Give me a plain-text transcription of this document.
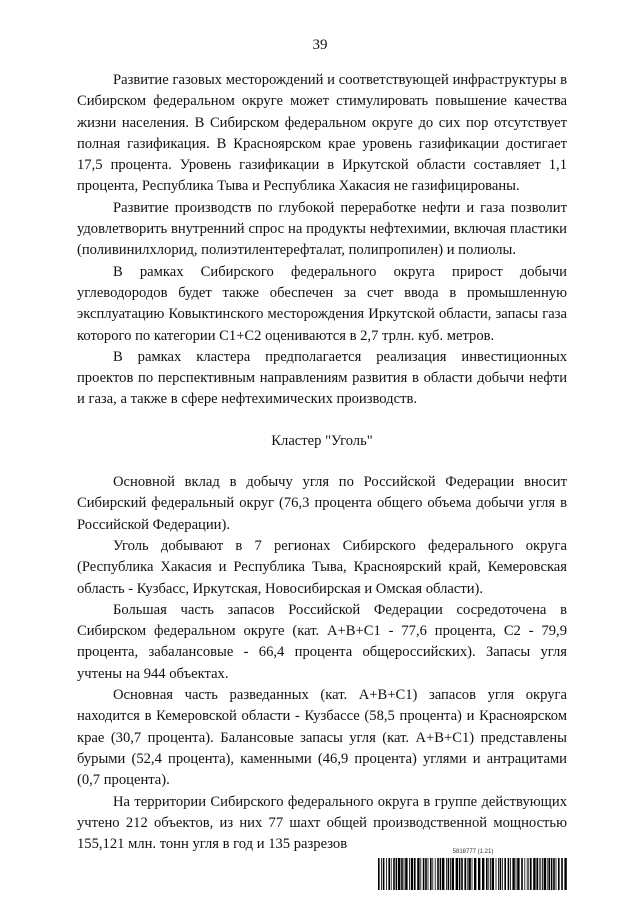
39

Развитие газовых месторождений и соответствующей инфраструктуры в Сибирском федеральном округе может стимулировать повышение качества жизни населения. В Сибирском федеральном округе до сих пор отсутствует полная газификация. В Красноярском крае уровень газификации достигает 17,5 процента. Уровень газификации в Иркутской области составляет 1,1 процента, Республика Тыва и Республика Хакасия не газифицированы.

Развитие производств по глубокой переработке нефти и газа позволит удовлетворить внутренний спрос на продукты нефтехимии, включая пластики (поливинилхлорид, полиэтилентерефталат, полипропилен) и полиолы.

В рамках Сибирского федерального округа прирост добычи углеводородов будет также обеспечен за счет ввода в промышленную эксплуатацию Ковыктинского месторождения Иркутской области, запасы газа которого по категории С1+С2 оцениваются в 2,7 трлн. куб. метров.

В рамках кластера предполагается реализация инвестиционных проектов по перспективным направлениям развития в области добычи нефти и газа, а также в сфере нефтехимических производств.

Кластер "Уголь"

Основной вклад в добычу угля по Российской Федерации вносит Сибирский федеральный округ (76,3 процента общего объема добычи угля в Российской Федерации).

Уголь добывают в 7 регионах Сибирского федерального округа (Республика Хакасия и Республика Тыва, Красноярский край, Кемеровская область - Кузбасс, Иркутская, Новосибирская и Омская области).

Большая часть запасов Российской Федерации сосредоточена в Сибирском федеральном округе (кат. А+В+С1 - 77,6 процента, С2 - 79,9 процента, забалансовые - 66,4 процента общероссийских). Запасы угля учтены на 944 объектах.

Основная часть разведанных (кат. А+В+С1) запасов угля округа находится в Кемеровской области - Кузбассе (58,5 процента) и Красноярском крае (30,7 процента). Балансовые запасы угля (кат. А+В+С1) представлены бурыми (52,4 процента), каменными (46,9 процента) углями и антрацитами (0,7 процента).

На территории Сибирского федерального округа в группе действующих учтено 212 объектов, из них 77 шахт общей производственной мощностью 155,121 млн. тонн угля в год и 135 разрезов	5818777 (1.21)
